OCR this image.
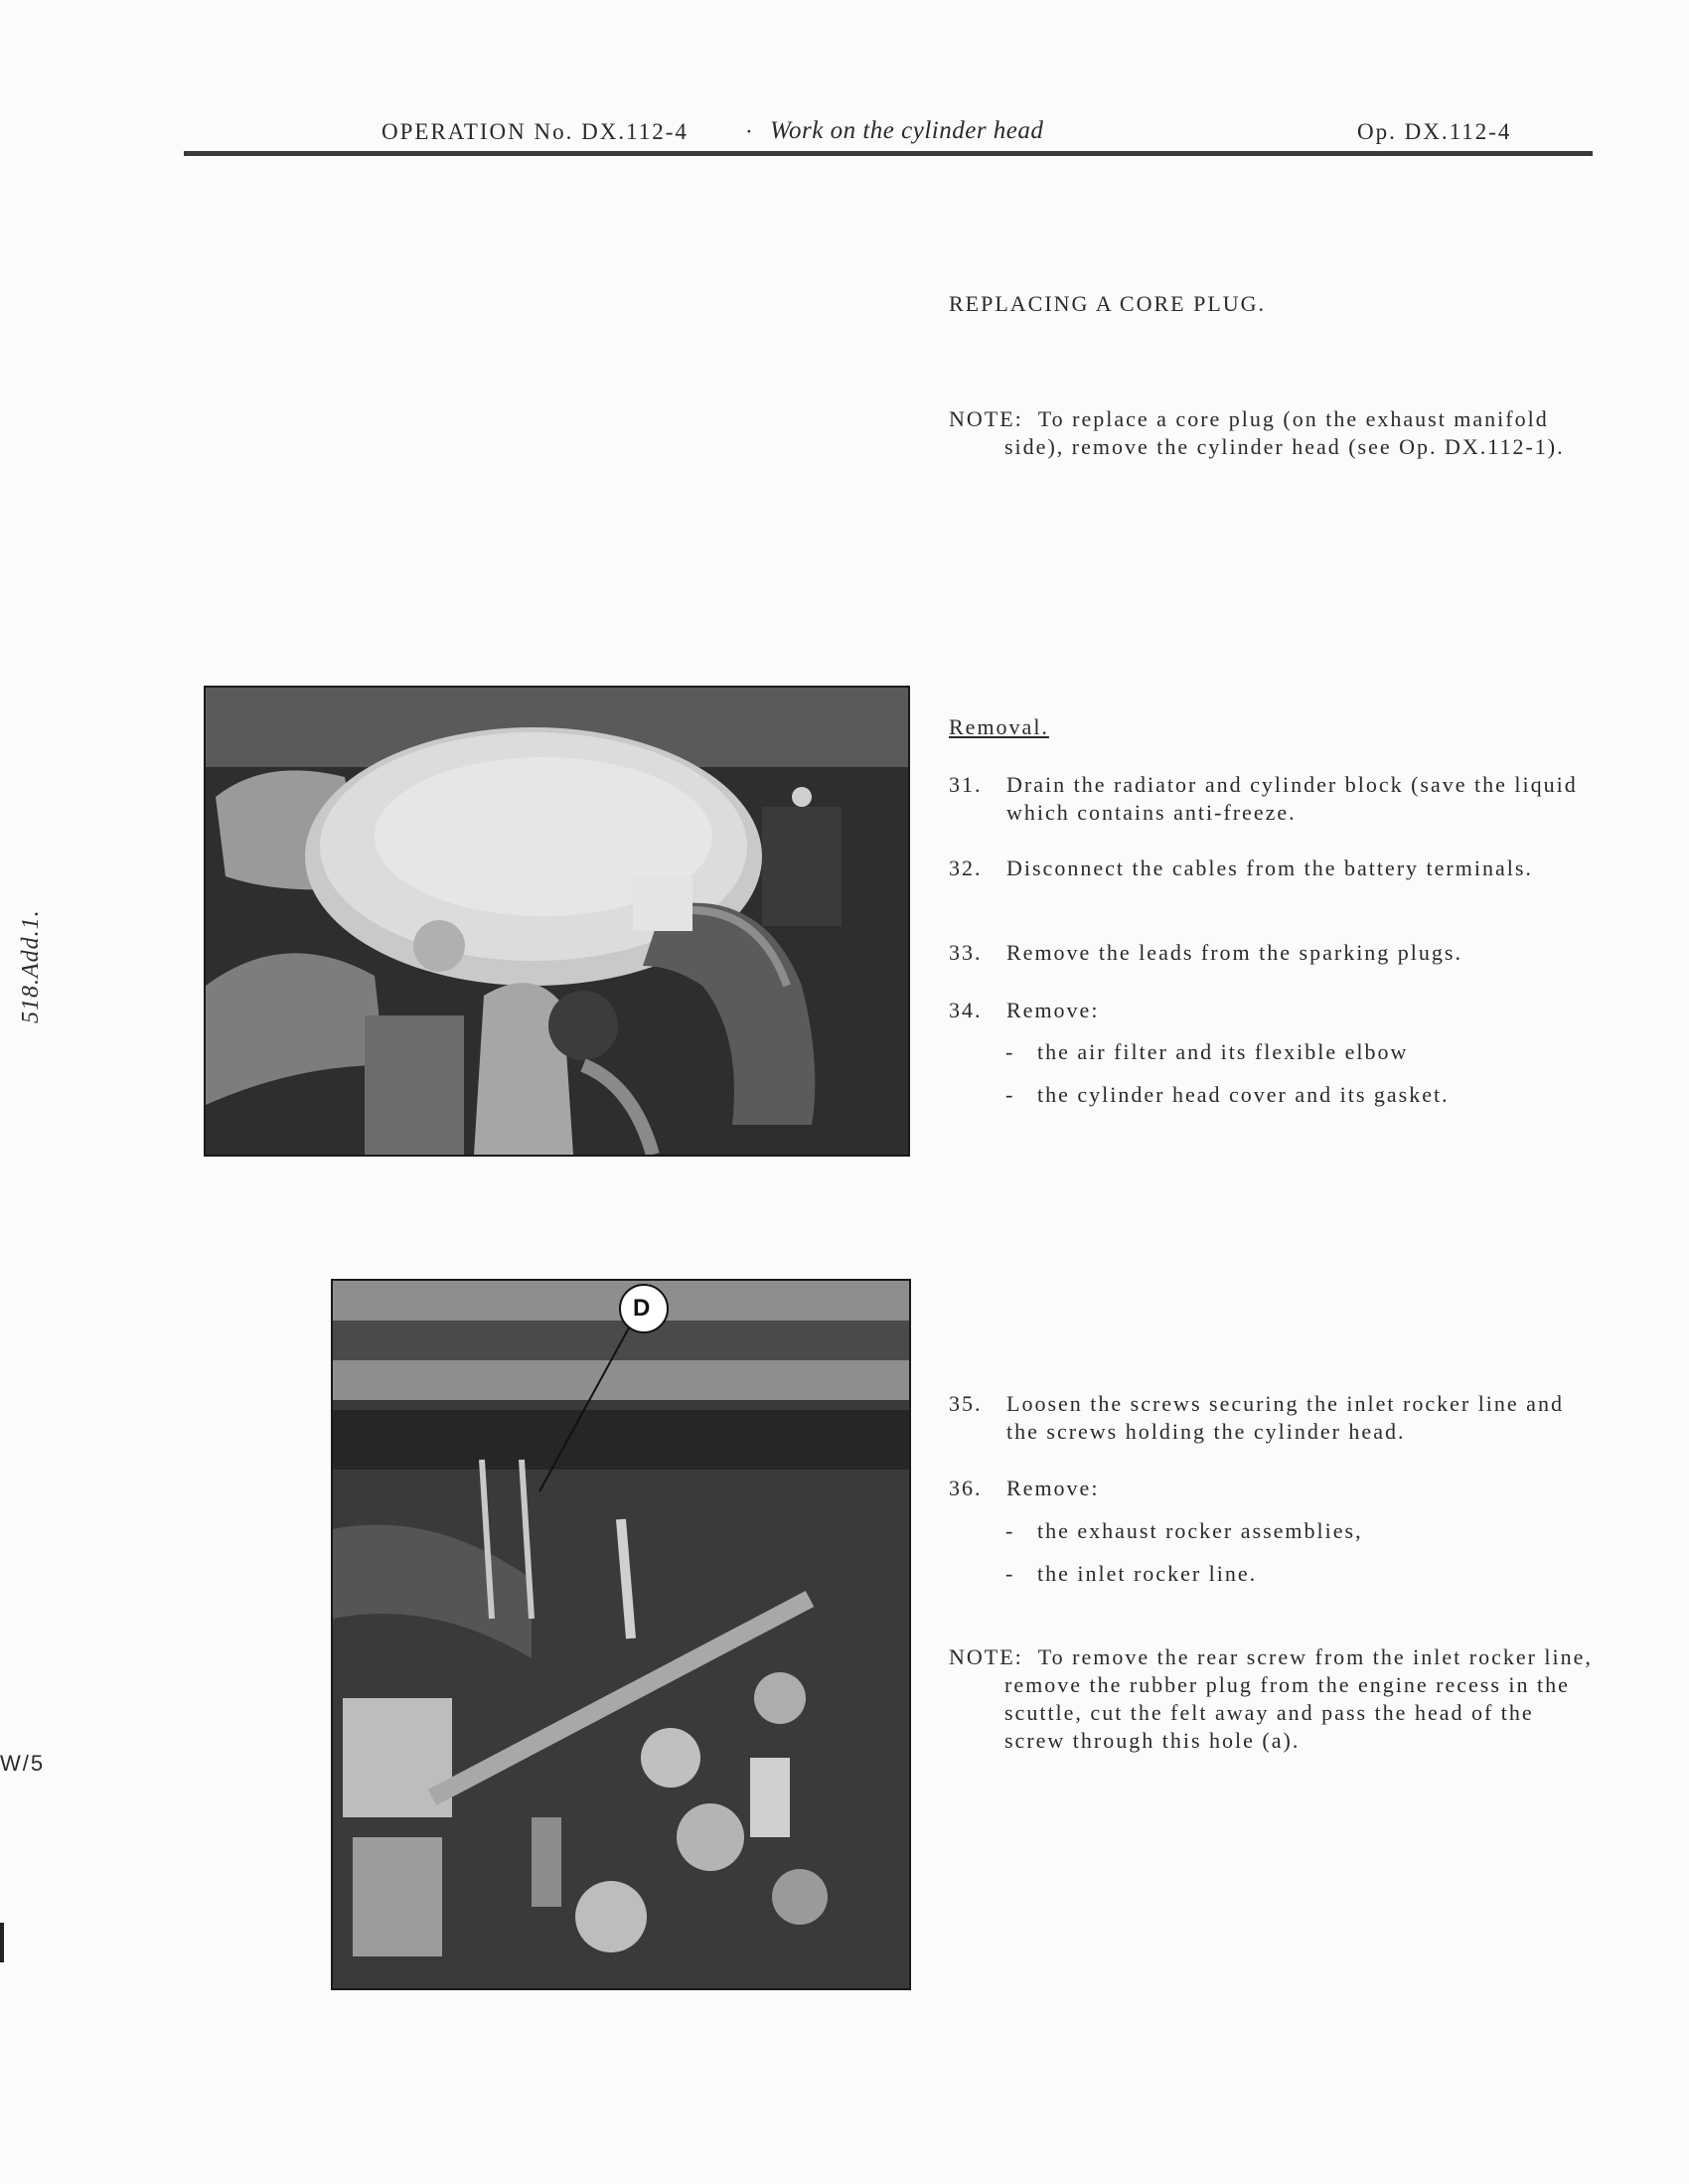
OPERATION No. DX.112-4 · Work on the cylinder head	Op. DX.112-4
REPLACING A CORE PLUG.
NOTE: To replace a core plug (on the exhaust manifold side), remove the cylinder head (see Op. DX.112-1).
Removal.
31. Drain the radiator and cylinder block (save the liquid which contains anti-freeze.
32. Disconnect the cables from the battery terminals.
33. Remove the leads from the sparking plugs.
34. Remove:
- the air filter and its flexible elbow
- the cylinder head cover and its gasket.
D
35. Loosen the screws securing the inlet rocker line and the screws holding the cylinder head.
36. Remove:
- the exhaust rocker assemblies,
- the inlet rocker line.
NOTE: To remove the rear screw from the inlet rocker line, remove the rubber plug from the engine recess in the scuttle, cut the felt away and pass the head of the screw through this hole (a).
518.Add.1.
W/5
